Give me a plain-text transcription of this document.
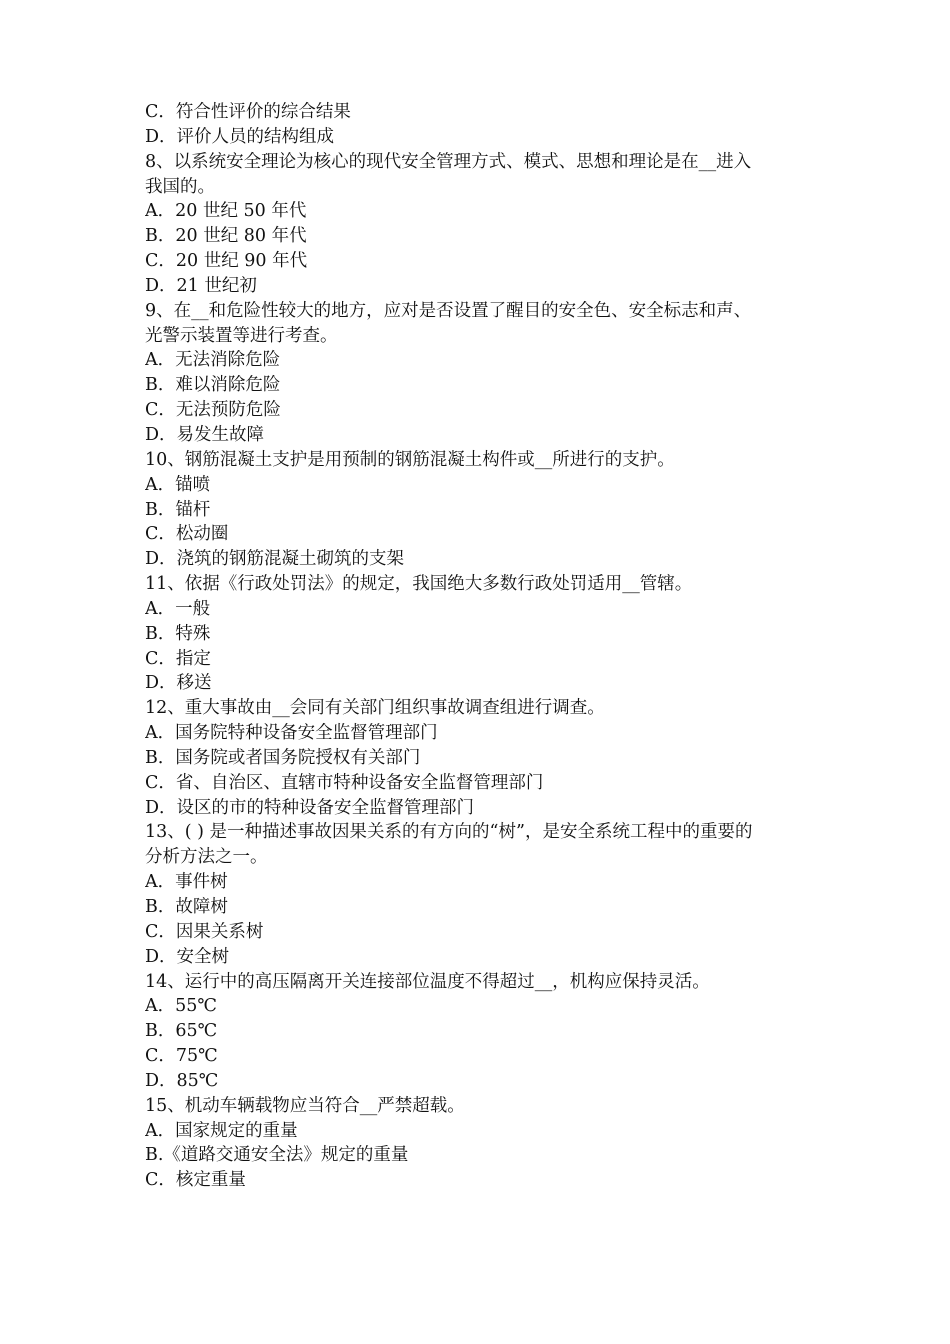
C．符合性评价的综合结果
D．评价人员的结构组成
8、以系统安全理论为核心的现代安全管理方式、模式、思想和理论是在__进入
我国的。
A．20 世纪 50 年代
B．20 世纪 80 年代
C．20 世纪 90 年代
D．21 世纪初
9、在__和危险性较大的地方，应对是否设置了醒目的安全色、安全标志和声、
光警示装置等进行考查。
A．无法消除危险
B．难以消除危险
C．无法预防危险
D．易发生故障
10、钢筋混凝土支护是用预制的钢筋混凝土构件或__所进行的支护。
A．锚喷
B．锚杆
C．松动圈
D．浇筑的钢筋混凝土砌筑的支架
11、依据《行政处罚法》的规定，我国绝大多数行政处罚适用__管辖。
A．一般
B．特殊
C．指定
D．移送
12、重大事故由__会同有关部门组织事故调查组进行调查。
A．国务院特种设备安全监督管理部门
B．国务院或者国务院授权有关部门
C．省、自治区、直辖市特种设备安全监督管理部门
D．设区的市的特种设备安全监督管理部门
13、( ) 是一种描述事故因果关系的有方向的“树”，是安全系统工程中的重要的
分析方法之一。
A．事件树
B．故障树
C．因果关系树
D．安全树
14、运行中的高压隔离开关连接部位温度不得超过__，机构应保持灵活。
A．55℃
B．65℃
C．75℃
D．85℃
15、机动车辆载物应当符合__严禁超载。
A．国家规定的重量
B.《道路交通安全法》规定的重量
C．核定重量
